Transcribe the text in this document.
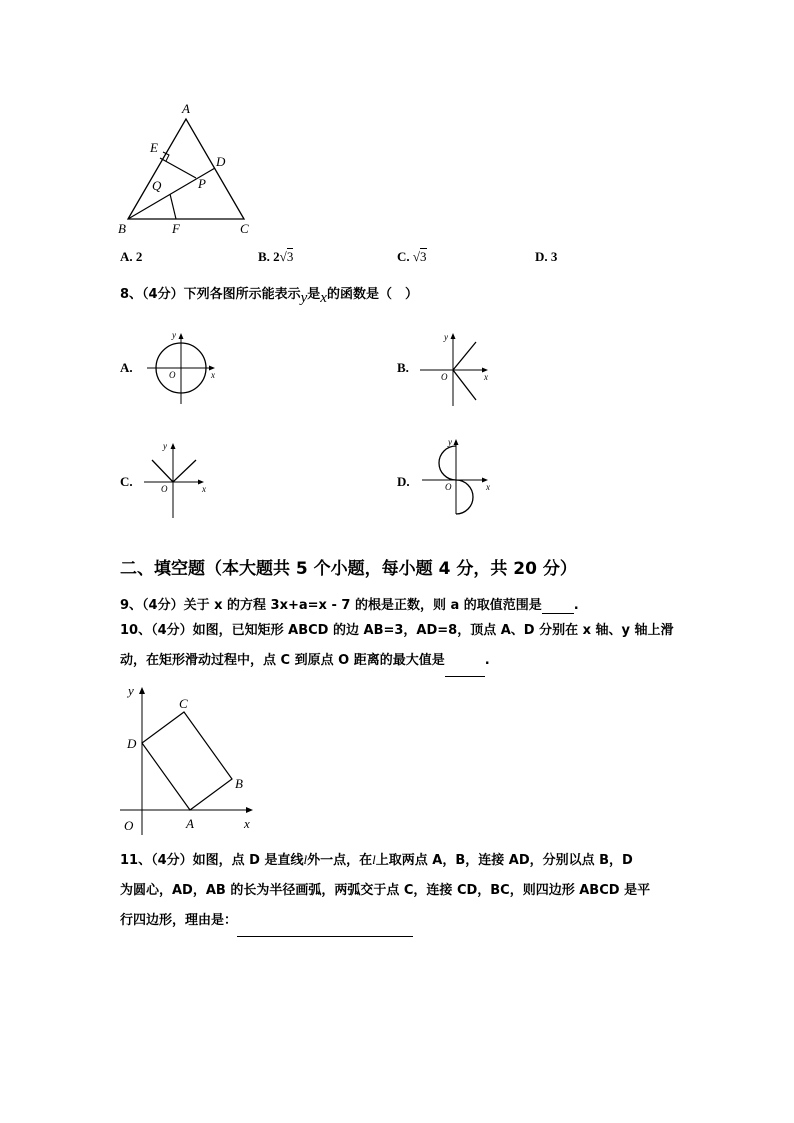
A
E
D
P
Q
B	F	C
A. 2	B. 2√3	C. √3	D. 3
8、（4分）下列各图所示能表示y是x的函数是（　）
A.
y
x
O	B.
y
x
O
C.
y
x
O	D.
y
x
O
二、填空题（本大题共 5 个小题，每小题 4 分，共 20 分）
9、（4分）关于 x 的方程 3x+a=x - 7 的根是正数，则 a 的取值范围是 .
10、（4分）如图，已知矩形 ABCD 的边 AB=3，AD=8，顶点 A、D 分别在 x 轴、y 轴上滑
动，在矩形滑动过程中，点 C 到原点 O 距离的最大值是	.
y
x
O	A
B
C
D
11、（4分）如图，点 D 是直线l外一点，在l上取两点 A，B，连接 AD，分别以点 B，D
为圆心，AD，AB 的长为半径画弧，两弧交于点 C，连接 CD，BC，则四边形 ABCD 是平
行四边形，理由是：
